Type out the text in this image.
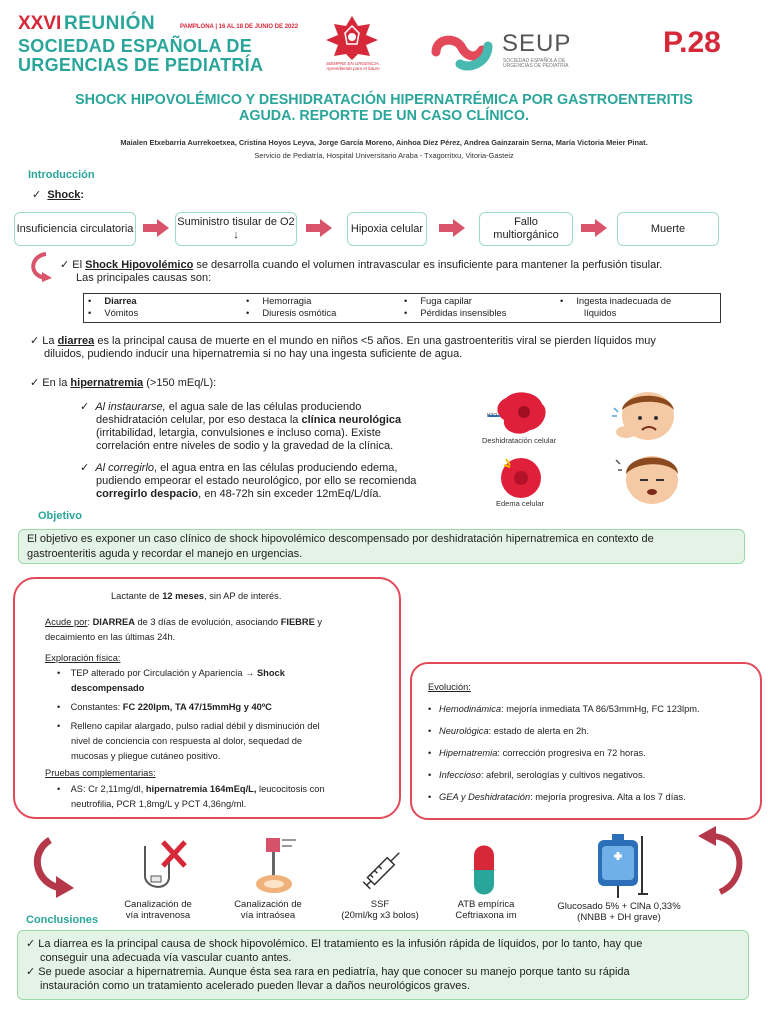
XXVI REUNIÓN	PAMPLONA | 16 AL 18 DE JUNIO DE 2022
SOCIEDAD ESPAÑOLA DE
URGENCIAS DE PEDIATRÍA	SIEMPRE EN URGENCIA. Aprendiendo para el futuro
SEUP
SOCIEDAD ESPAÑOLA DE URGENCIAS DE PEDIATRÍA
P.28
SHOCK HIPOVOLÉMICO Y DESHIDRATACIÓN HIPERNATRÉMICA POR GASTROENTERITIS
AGUDA. REPORTE DE UN CASO CLÍNICO.
Maialen Etxebarria Aurrekoetxea, Cristina Hoyos Leyva, Jorge García Moreno, Ainhoa Díez Pérez, Andrea Gainzarain Serna, María Victoria Meier Pinat.
Servicio de Pediatría, Hospital Universitario Araba - Txagorritxu, Vitoria-Gasteiz
Introducción
✓ Shock:
Insuficiencia circulatoria
Suministro tisular de O2 ↓
Hipoxia celular
Fallo multiorgánico
Muerte
✓ El Shock Hipovolémico se desarrolla cuando el volumen intravascular es insuficiente para mantener la perfusión tisular.
Las principales causas son:
•     Diarrea
•     Vómitos
•     Hemorragia
•     Diuresis osmótica
•     Fuga capilar
•     Pérdidas insensibles
•     Ingesta inadecuada de
líquidos
✓ La diarrea es la principal causa de muerte en el mundo en niños <5 años. En una gastroenteritis viral se pierden líquidos muy
diluidos, pudiendo inducir una hipernatremia si no hay una ingesta suficiente de agua.
✓ En la hipernatremia (>150 mEq/L):
✓ Al instaurarse, el agua sale de las células produciendo
deshidratación celular, por eso destaca la clínica neurológica
(irritabilidad, letargia, convulsiones e incluso coma). Existe
correlación entre niveles de sodio y la gravedad de la clínica.
✓ Al corregirlo, el agua entra en las células produciendo edema,
pudiendo empeorar el estado neurológico, por ello se recomienda
corregirlo despacio, en 48-72h sin exceder 12mEq/L/día.
H2O
Deshidratación celular
Edema celular
Objetivo
El objetivo es exponer un caso clínico de shock hipovolémico descompensado por deshidratación hipernatremica en contexto de
gastroenteritis aguda y recordar el manejo en urgencias.
Lactante de 12 meses, sin AP de interés.
Acude por: DIARREA de 3 días de evolución, asociando FIEBRE y
decaimiento en las últimas 24h.
Exploración física:
•    TEP alterado por Circulación y Apariencia → Shock
descompensado
•    Constantes: FC 220lpm, TA 47/15mmHg y 40ºC
•    Relleno capilar alargado, pulso radial débil y disminución del
nivel de conciencia con respuesta al dolor, sequedad de
mucosas y pliegue cutáneo positivo.
Pruebas complementarias:
•    AS: Cr 2,11mg/dl, hipernatremia 164mEq/L, leucocitosis con
neutrofilia, PCR 1,8mg/L y PCT 4,36ng/ml.
Evolución:
•   Hemodinámica: mejoría inmediata TA 86/53mmHg, FC 123lpm.
•   Neurológica: estado de alerta en 2h.
•   Hipernatremia: corrección progresiva en 72 horas.
•   Infeccioso: afebril, serologías y cultivos negativos.
•   GEA y Deshidratación: mejoría progresiva. Alta a los 7 días.
Canalización de
vía intravenosa
Canalización de
vía intraósea
SSF
(20ml/kg x3 bolos)
ATB empírica
Ceftriaxona im
Glucosado 5% + ClNa 0,33%
(NNBB + DH grave)
Conclusiones
✓ La diarrea es la principal causa de shock hipovolémico. El tratamiento es la infusión rápida de líquidos, por lo tanto, hay que
conseguir una adecuada vía vascular cuanto antes.
✓ Se puede asociar a hipernatremia. Aunque ésta sea rara en pediatría, hay que conocer su manejo porque tanto su rápida
instauración como un tratamiento acelerado pueden llevar a daños neurológicos graves.
